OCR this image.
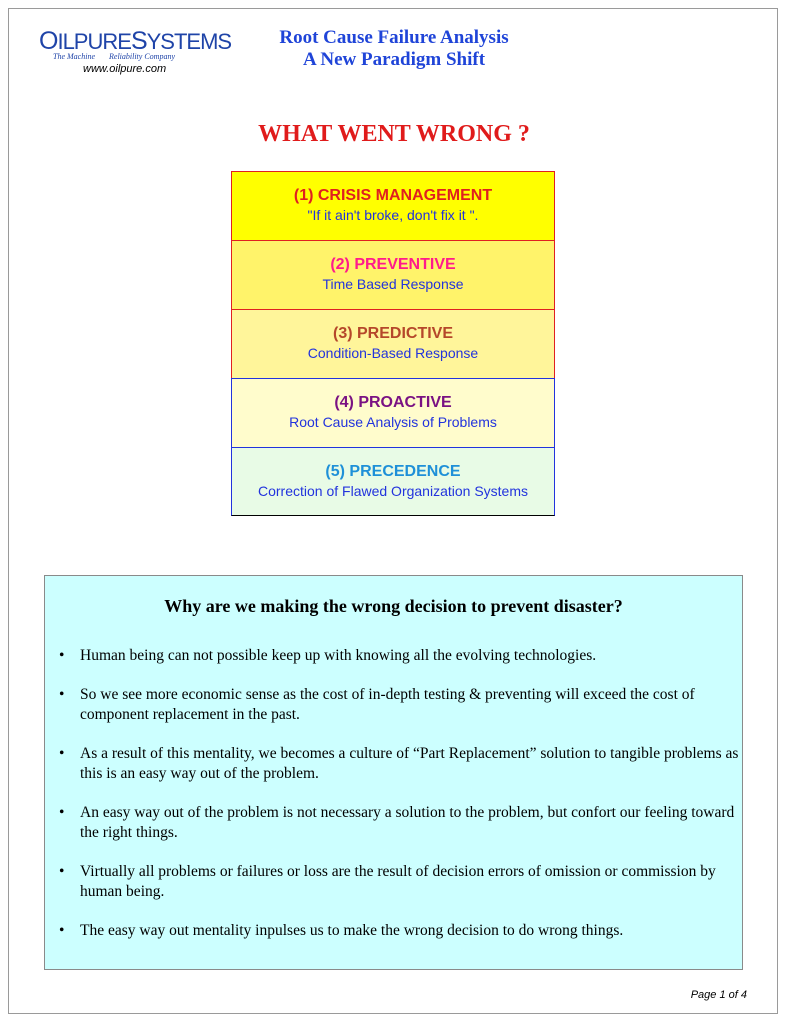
OILPURESYSTEMS
The Machine Reliability Company
www.oilpure.com
Root Cause Failure Analysis
A New Paradigm Shift
WHAT WENT WRONG ?
(1) CRISIS MANAGEMENT
"If it ain't broke, don't fix it ".
(2) PREVENTIVE
Time Based Response
(3) PREDICTIVE
Condition-Based Response
(4) PROACTIVE
Root Cause Analysis of Problems
(5) PRECEDENCE
Correction of Flawed Organization Systems
Why are we making the wrong decision to prevent disaster?
• Human being can not possible keep up with knowing all the evolving technologies.
• So we see more economic sense as the cost of in-depth testing & preventing will exceed the cost of component replacement in the past.
• As a result of this mentality, we becomes a culture of “Part Replacement” solution to tangible problems as this is an easy way out of the problem.
• An easy way out of the problem is not necessary a solution to the problem, but confort our feeling toward the right things.
• Virtually all problems or failures or loss are the result of decision errors of omission or commission by human being.
• The easy way out mentality inpulses us to make the wrong decision to do wrong things.
Page 1 of 4
